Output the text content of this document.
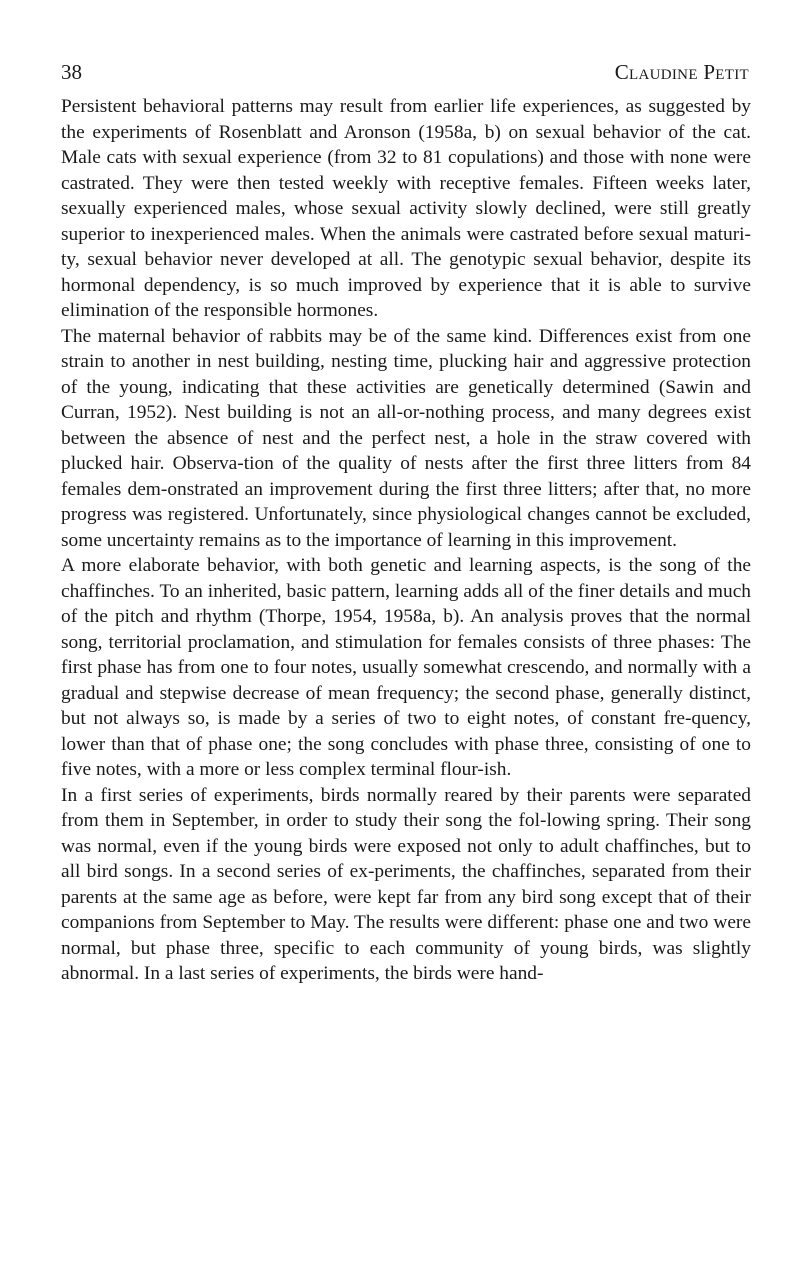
38	Claudine Petit

Persistent behavioral patterns may result from earlier life experiences, as suggested by the experiments of Rosenblatt and Aronson (1958a, b) on sexual behavior of the cat. Male cats with sexual experience (from 32 to 81 copulations) and those with none were castrated. They were then tested weekly with receptive females. Fifteen weeks later, sexually experienced males, whose sexual activity slowly declined, were still greatly superior to inexperienced males. When the animals were castrated before sexual maturi-ty, sexual behavior never developed at all. The genotypic sexual behavior, despite its hormonal dependency, is so much improved by experience that it is able to survive elimination of the responsible hormones.

The maternal behavior of rabbits may be of the same kind. Differences exist from one strain to another in nest building, nesting time, plucking hair and aggressive protection of the young, indicating that these activities are genetically determined (Sawin and Curran, 1952). Nest building is not an all-or-nothing process, and many degrees exist between the absence of nest and the perfect nest, a hole in the straw covered with plucked hair. Observa-tion of the quality of nests after the first three litters from 84 females dem-onstrated an improvement during the first three litters; after that, no more progress was registered. Unfortunately, since physiological changes cannot be excluded, some uncertainty remains as to the importance of learning in this improvement.

A more elaborate behavior, with both genetic and learning aspects, is the song of the chaffinches. To an inherited, basic pattern, learning adds all of the finer details and much of the pitch and rhythm (Thorpe, 1954, 1958a, b). An analysis proves that the normal song, territorial proclamation, and stimulation for females consists of three phases: The first phase has from one to four notes, usually somewhat crescendo, and normally with a gradual and stepwise decrease of mean frequency; the second phase, generally distinct, but not always so, is made by a series of two to eight notes, of constant fre-quency, lower than that of phase one; the song concludes with phase three, consisting of one to five notes, with a more or less complex terminal flour-ish.

In a first series of experiments, birds normally reared by their parents were separated from them in September, in order to study their song the fol-lowing spring. Their song was normal, even if the young birds were exposed not only to adult chaffinches, but to all bird songs. In a second series of ex-periments, the chaffinches, separated from their parents at the same age as before, were kept far from any bird song except that of their companions from September to May. The results were different: phase one and two were normal, but phase three, specific to each community of young birds, was slightly abnormal. In a last series of experiments, the birds were hand-
